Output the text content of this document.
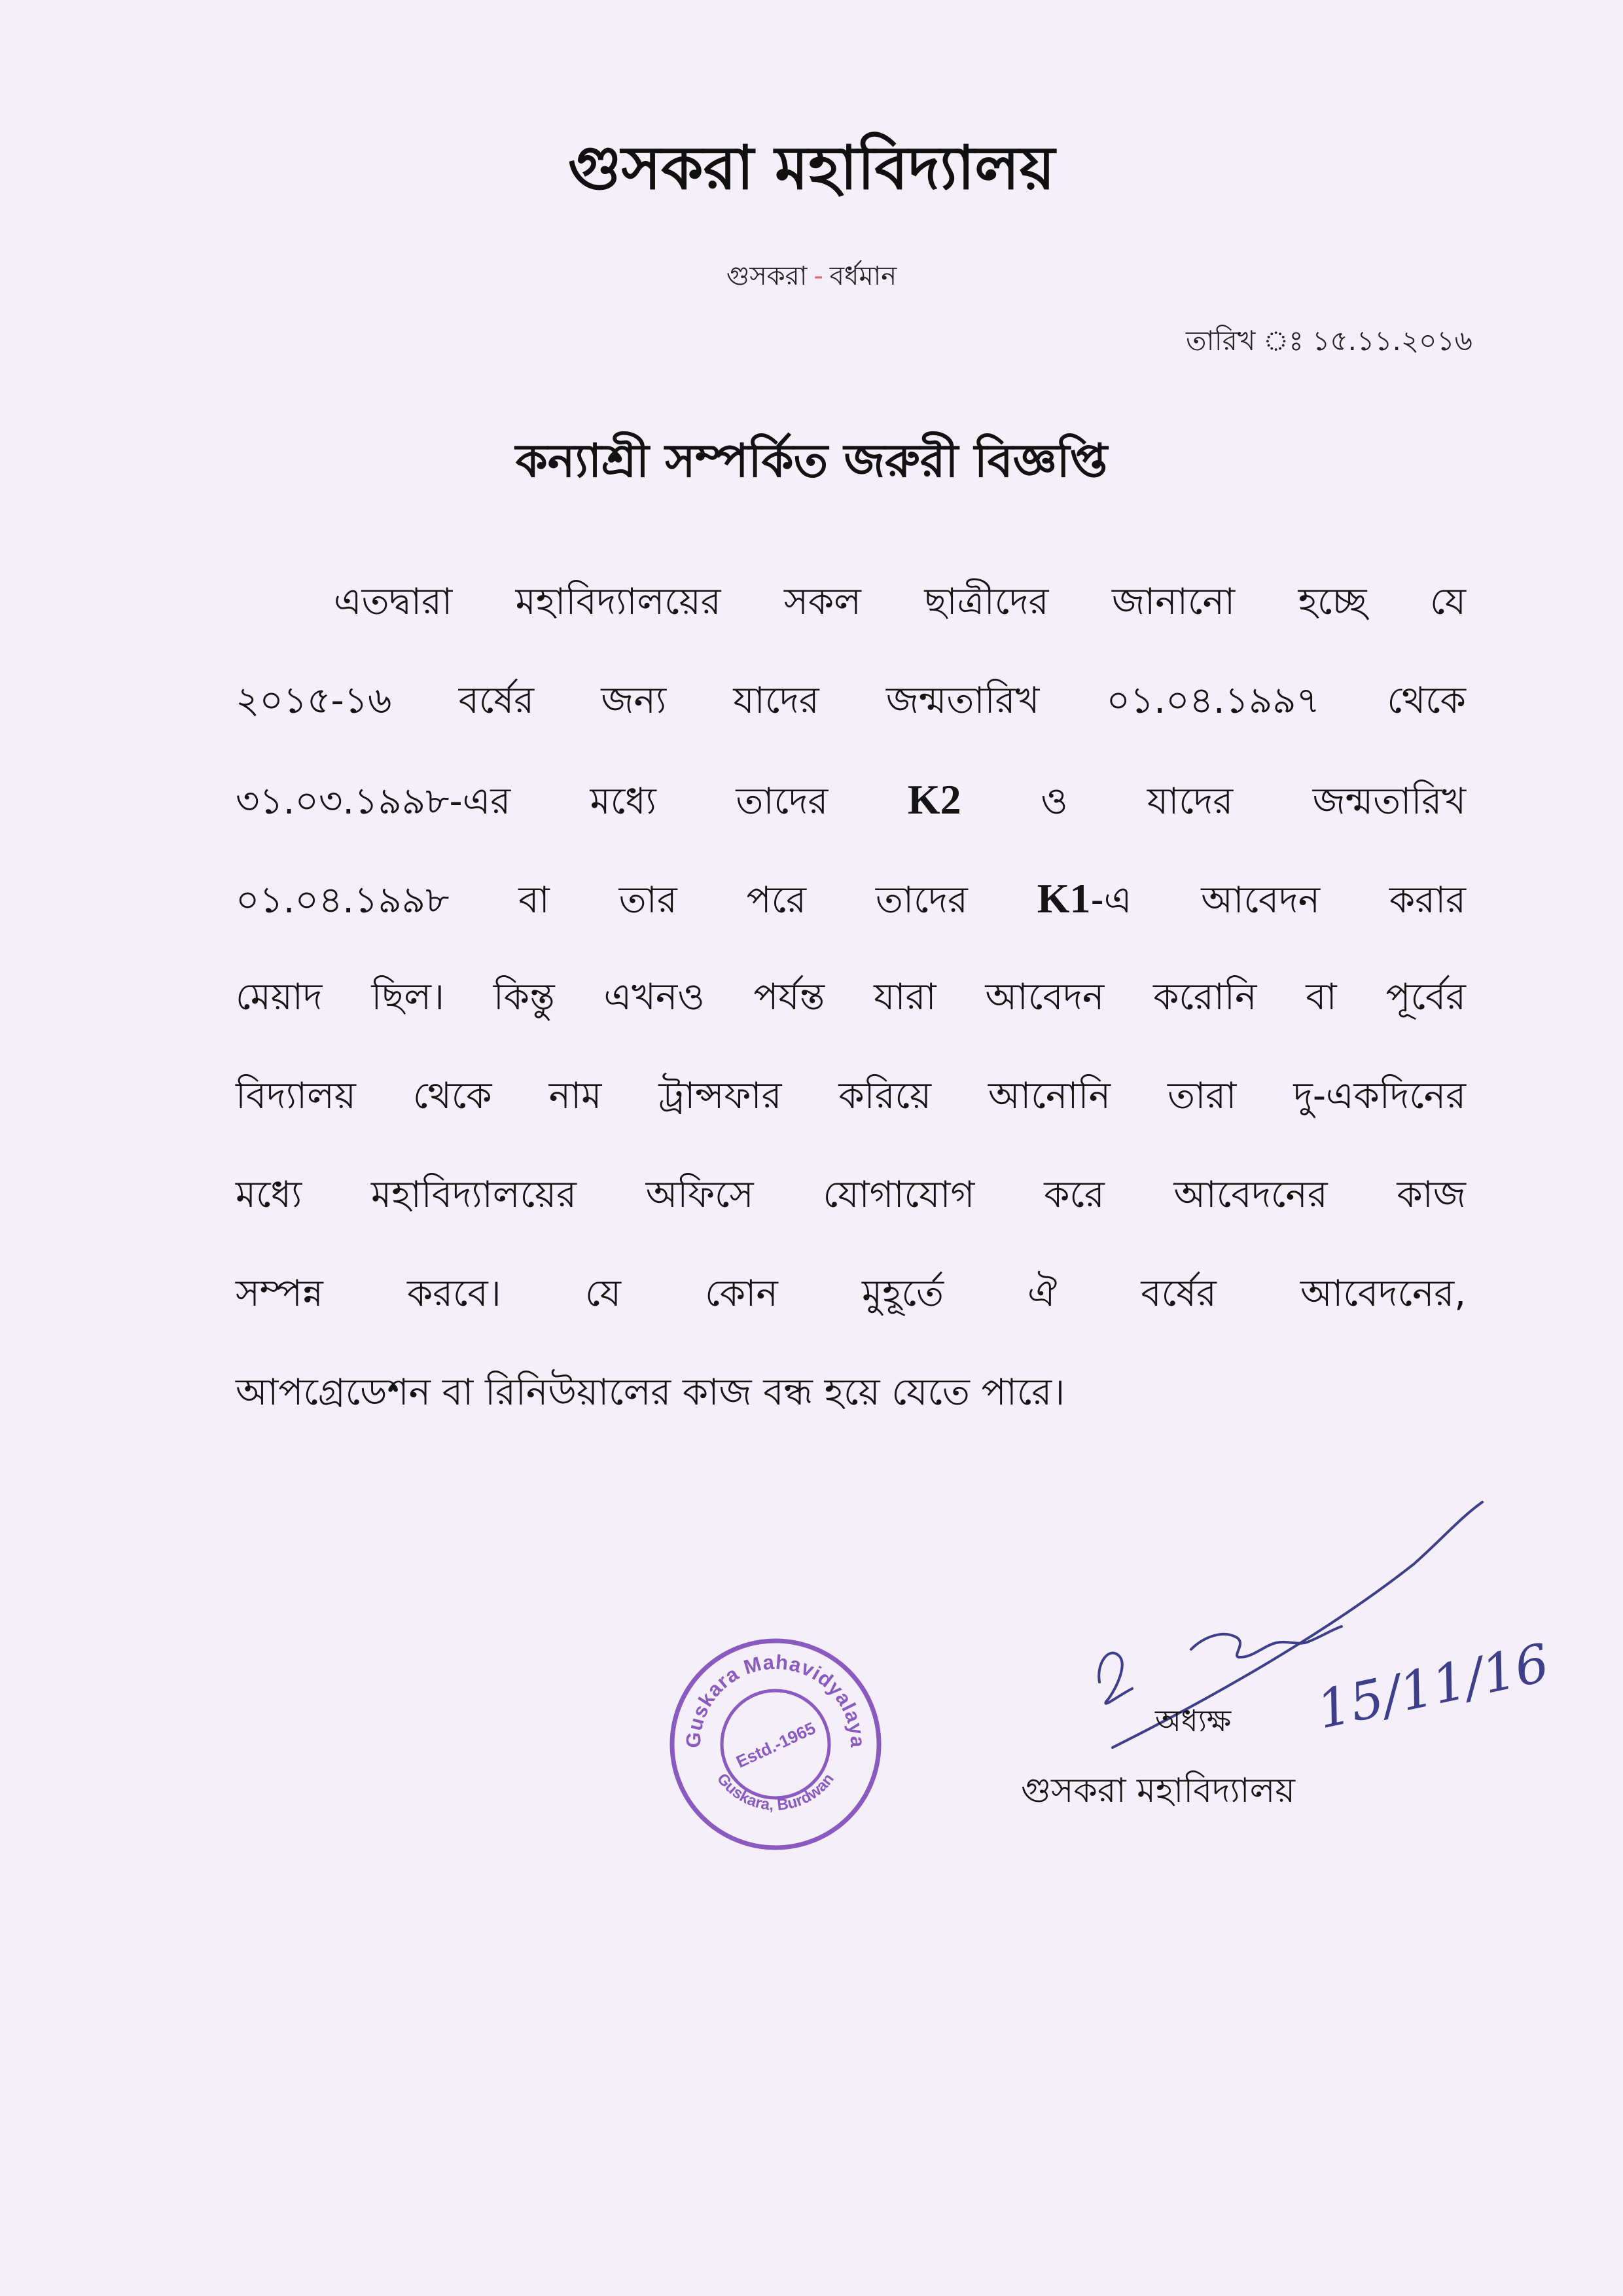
গুসকরা মহাবিদ্যালয়
গুসকরা - বর্ধমান
তারিখ ঃ ১৫.১১.২০১৬
কন্যাশ্রী সম্পর্কিত জরুরী বিজ্ঞপ্তি
এতদ্বারা মহাবিদ্যালয়ের সকল ছাত্রীদের জানানো হচ্ছে যে
২০১৫-১৬ বর্ষের জন্য যাদের জন্মতারিখ ০১.০৪.১৯৯৭ থেকে
৩১.০৩.১৯৯৮-এর মধ্যে তাদের K2 ও যাদের জন্মতারিখ
০১.০৪.১৯৯৮ বা তার পরে তাদের K1-এ আবেদন করার
মেয়াদ ছিল। কিন্তু এখনও পর্যন্ত যারা আবেদন করোনি বা পূর্বের
বিদ্যালয় থেকে নাম ট্রান্সফার করিয়ে আনোনি তারা দু-একদিনের
মধ্যে মহাবিদ্যালয়ের অফিসে যোগাযোগ করে আবেদনের কাজ
সম্পন্ন করবে। যে কোন মুহূর্তে ঐ বর্ষের আবেদনের,
আপগ্রেডেশন বা রিনিউয়ালের কাজ বন্ধ হয়ে যেতে পারে।
Guskara Mahavidyalaya
Guskara, Burdwan
Estd.-1965
15/11/16
অধ্যক্ষ
গুসকরা মহাবিদ্যালয়
